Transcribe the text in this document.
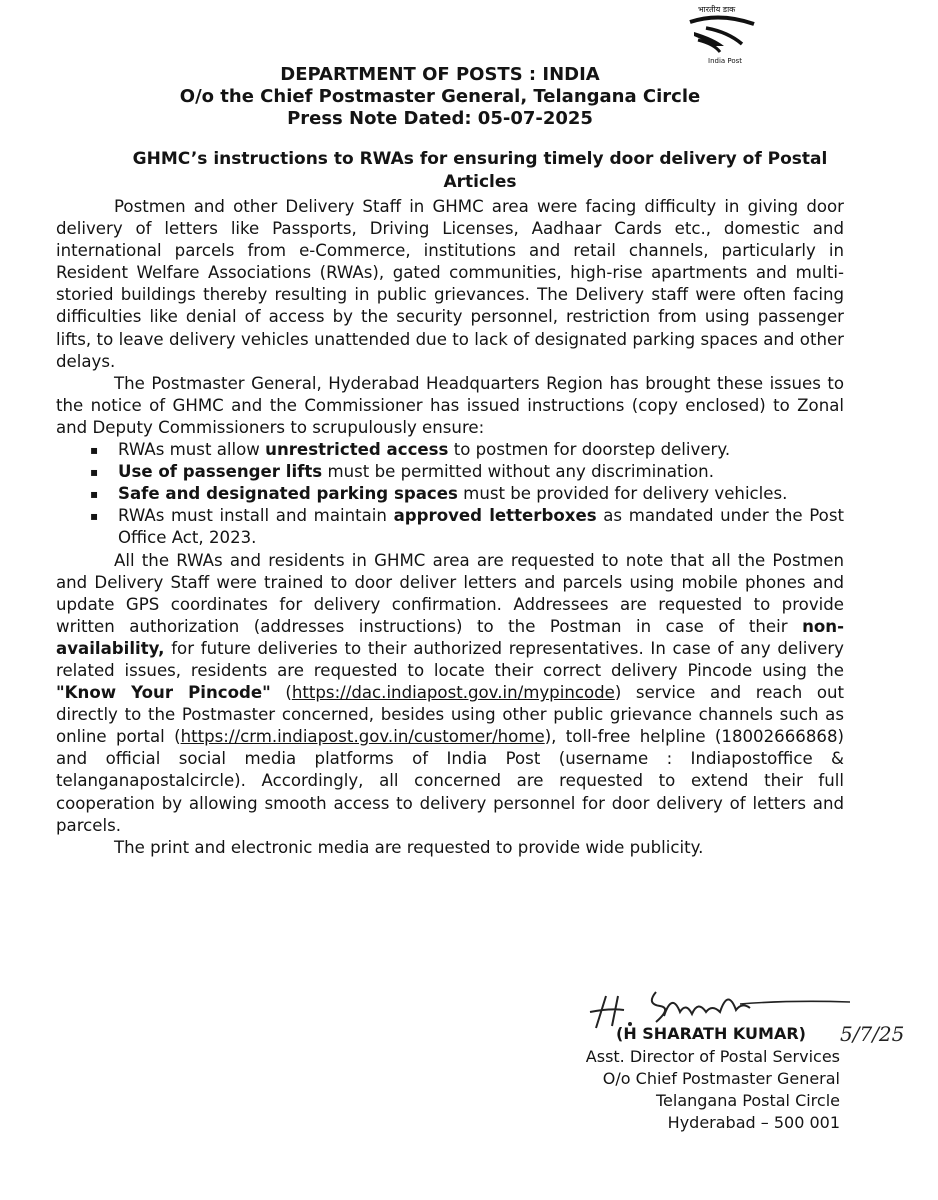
भारतीय डाक
India Post
DEPARTMENT OF POSTS : INDIA
O/o the Chief Postmaster General, Telangana Circle
Press Note Dated: 05-07-2025
GHMC’s instructions to RWAs for ensuring timely door delivery of Postal
Articles

Postmen and other Delivery Staff in GHMC area were facing difficulty in giving door delivery of letters like Passports, Driving Licenses, Aadhaar Cards etc., domestic and international parcels from e-Commerce, institutions and retail channels, particularly in Resident Welfare Associations (RWAs), gated communities, high-rise apartments and multi-storied buildings thereby resulting in public grievances. The Delivery staff were often facing difficulties like denial of access by the security personnel, restriction from using passenger lifts, to leave delivery vehicles unattended due to lack of designated parking spaces and other delays.

The Postmaster General, Hyderabad Headquarters Region has brought these issues to the notice of GHMC and the Commissioner has issued instructions (copy enclosed) to Zonal and Deputy Commissioners to scrupulously ensure:

▪ RWAs must allow unrestricted access to postmen for doorstep delivery.
▪ Use of passenger lifts must be permitted without any discrimination.
▪ Safe and designated parking spaces must be provided for delivery vehicles.
▪ RWAs must install and maintain approved letterboxes as mandated under the Post Office Act, 2023.

All the RWAs and residents in GHMC area are requested to note that all the Postmen and Delivery Staff were trained to door deliver letters and parcels using mobile phones and update GPS coordinates for delivery confirmation. Addressees are requested to provide written authorization (addresses instructions) to the Postman in case of their non-availability, for future deliveries to their authorized representatives. In case of any delivery related issues, residents are requested to locate their correct delivery Pincode using the "Know Your Pincode" (https://dac.indiapost.gov.in/mypincode) service and reach out directly to the Postmaster concerned, besides using other public grievance channels such as online portal (https://crm.indiapost.gov.in/customer/home), toll-free helpline (18002666868) and official social media platforms of India Post (username : Indiapostoffice & telanganapostalcircle). Accordingly, all concerned are requested to extend their full cooperation by allowing smooth access to delivery personnel for door delivery of letters and parcels.

The print and electronic media are requested to provide wide publicity.

5/7/25
(H SHARATH KUMAR)
Asst. Director of Postal Services
O/o Chief Postmaster General
Telangana Postal Circle
Hyderabad – 500 001
